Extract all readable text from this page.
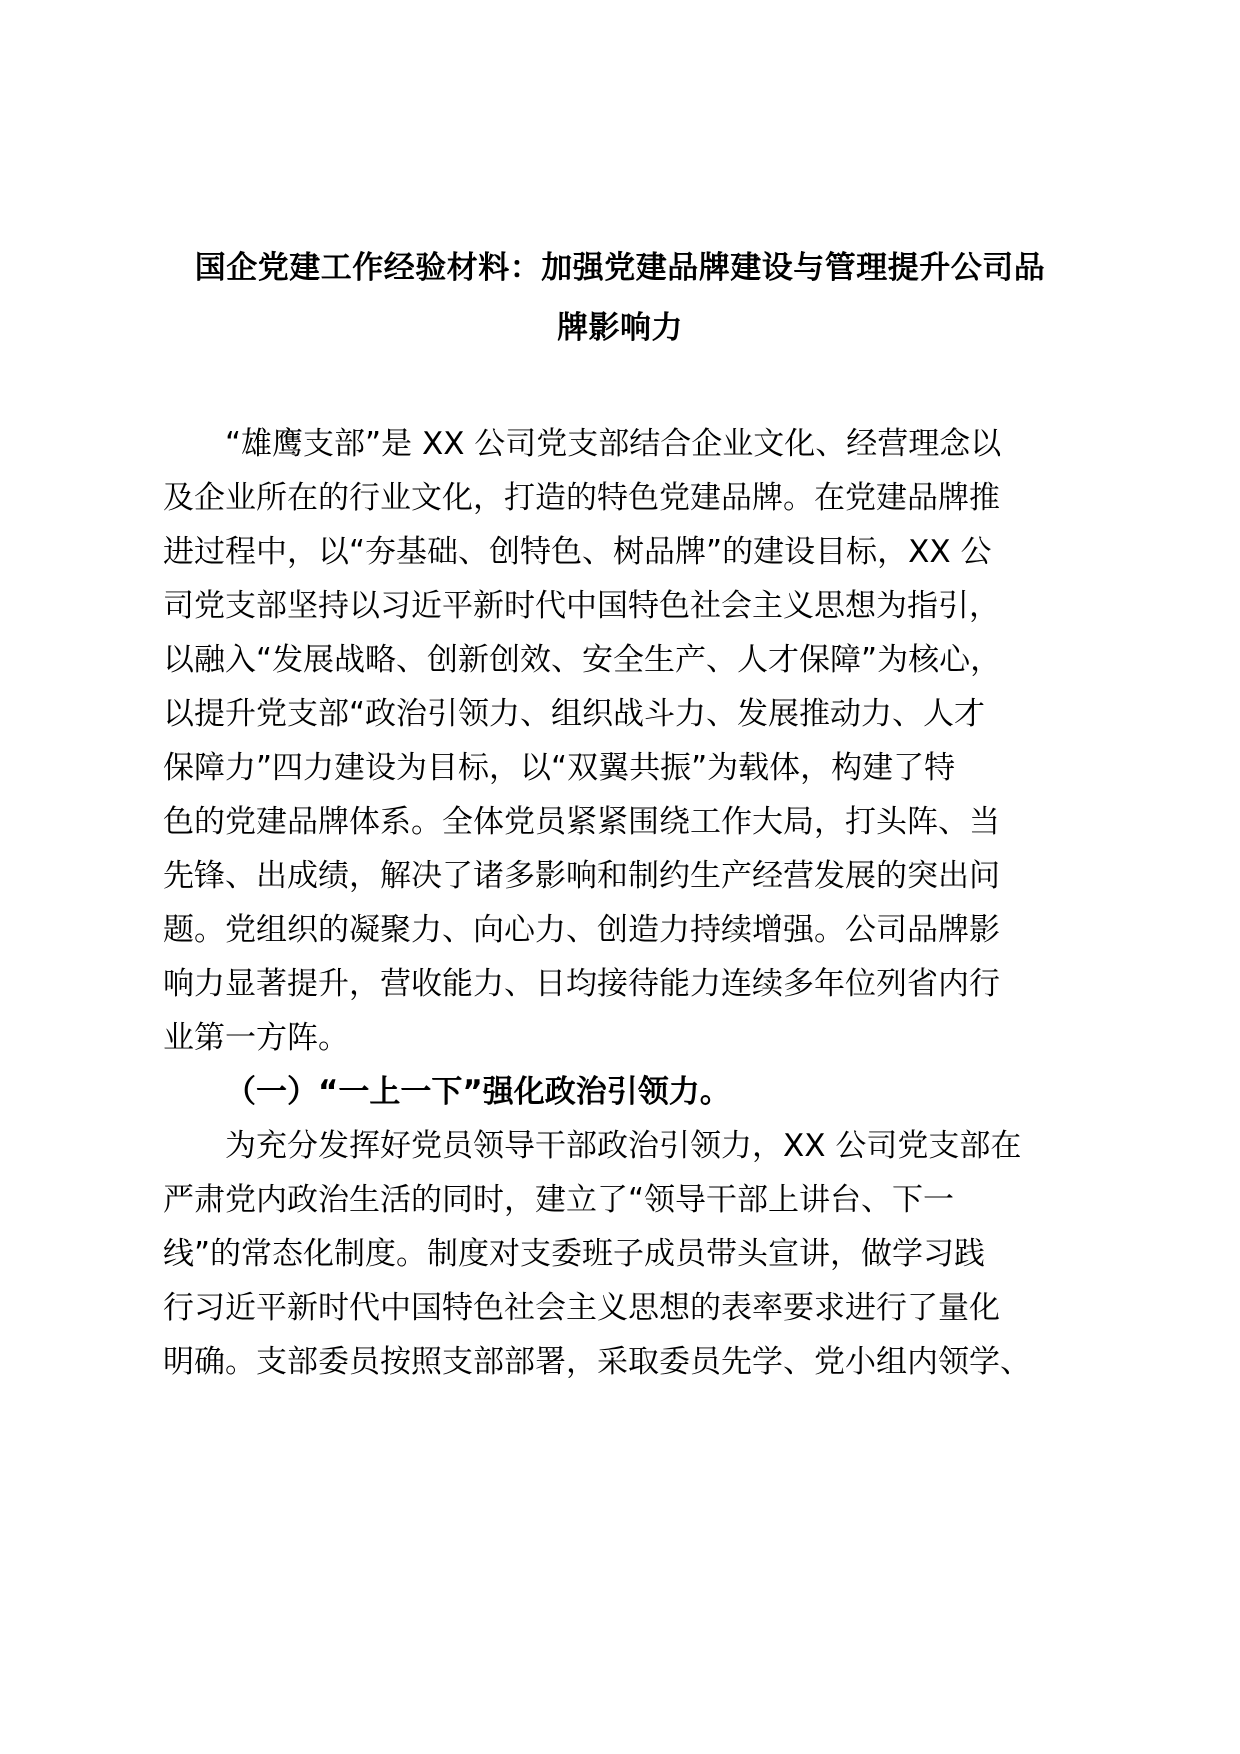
国企党建工作经验材料：加强党建品牌建设与管理提升公司品
牌影响力
“雄鹰支部”是 XX 公司党支部结合企业文化、经营理念以
及企业所在的行业文化，打造的特色党建品牌。在党建品牌推
进过程中，以“夯基础、创特色、树品牌”的建设目标，XX 公
司党支部坚持以习近平新时代中国特色社会主义思想为指引，
以融入“发展战略、创新创效、安全生产、人才保障”为核心，
以提升党支部“政治引领力、组织战斗力、发展推动力、人才
保障力”四力建设为目标，以“双翼共振”为载体，构建了特
色的党建品牌体系。全体党员紧紧围绕工作大局，打头阵、当
先锋、出成绩，解决了诸多影响和制约生产经营发展的突出问
题。党组织的凝聚力、向心力、创造力持续增强。公司品牌影
响力显著提升，营收能力、日均接待能力连续多年位列省内行
业第一方阵。
（一）“一上一下”强化政治引领力。
为充分发挥好党员领导干部政治引领力，XX 公司党支部在
严肃党内政治生活的同时，建立了“领导干部上讲台、下一
线”的常态化制度。制度对支委班子成员带头宣讲，做学习践
行习近平新时代中国特色社会主义思想的表率要求进行了量化
明确。支部委员按照支部部署，采取委员先学、党小组内领学、
